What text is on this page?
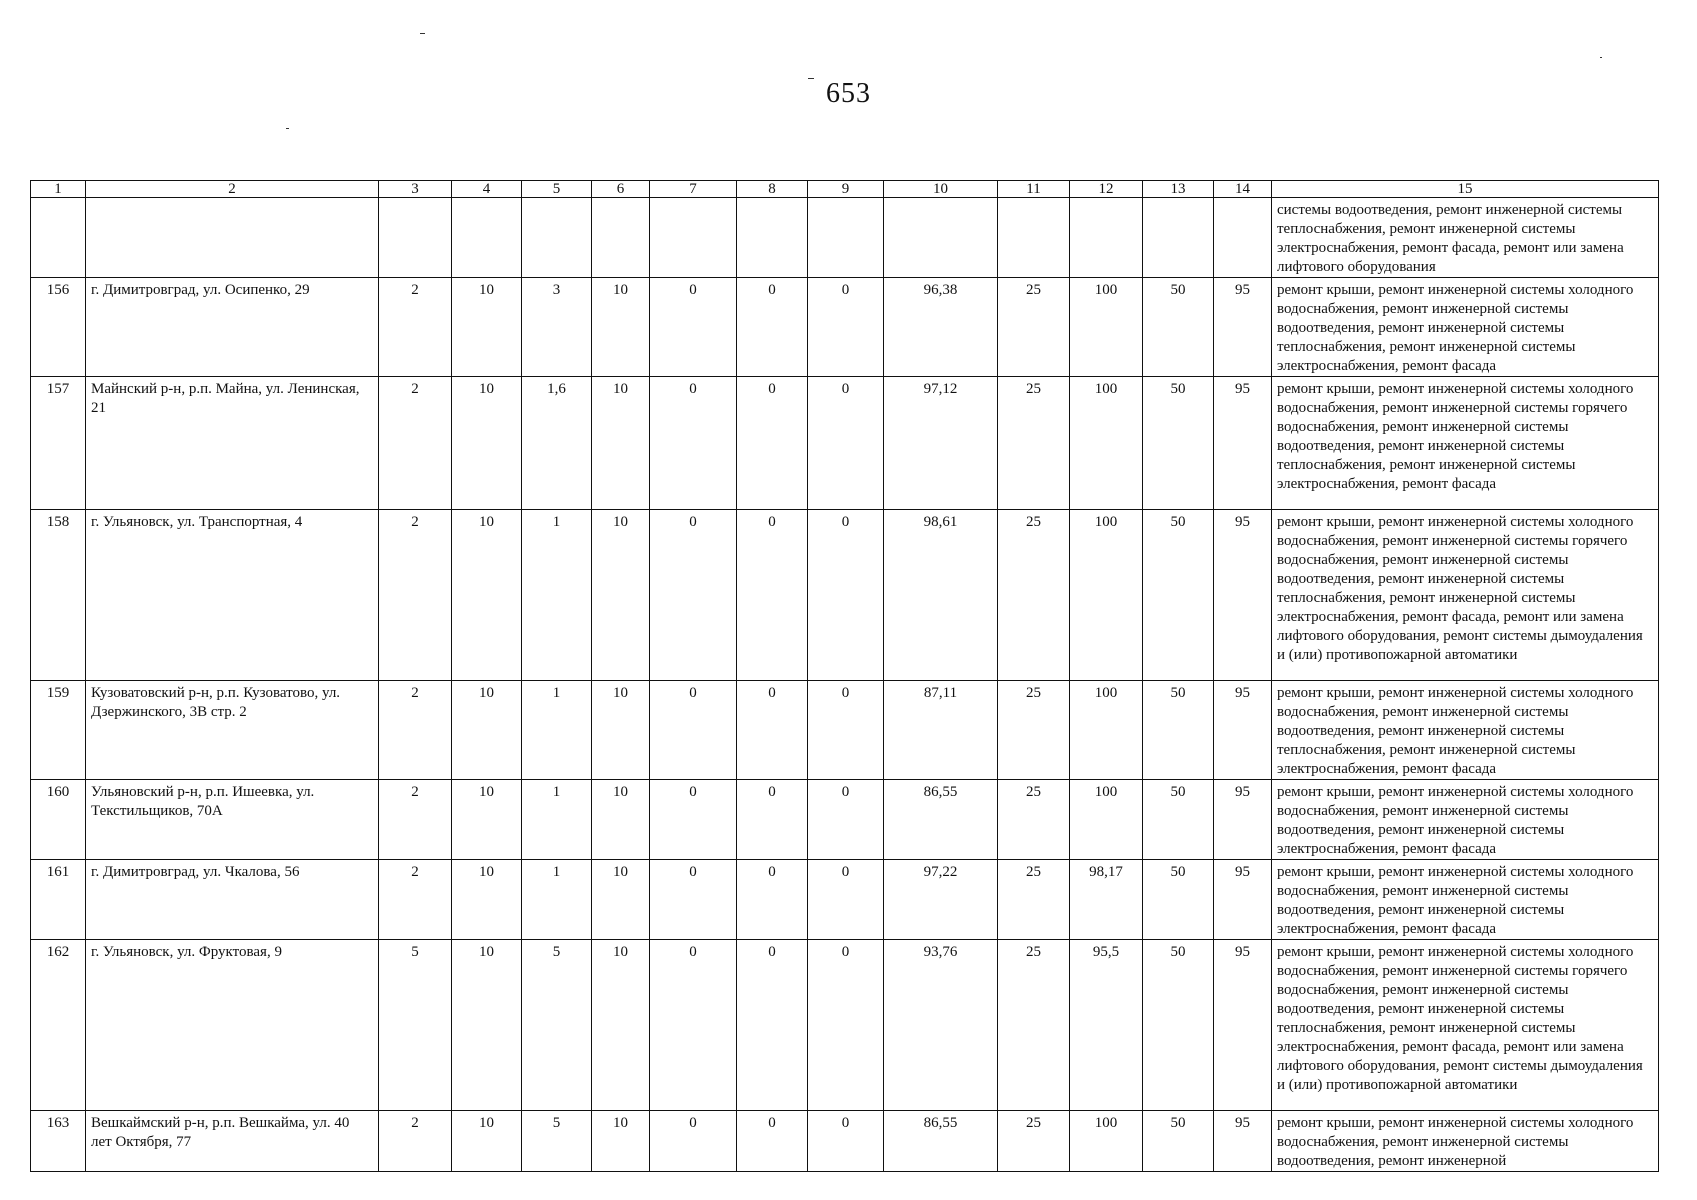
653
1	2	3	4	5	6	7	8	9	10	11	12	13	14	15
														системы водоотведения, ремонт инженерной системы теплоснабжения, ремонт инженерной системы электроснабжения, ремонт фасада, ремонт или замена лифтового оборудования
156	г. Димитровград, ул. Осипенко, 29	2	10	3	10	0	0	0	96,38	25	100	50	95	ремонт крыши, ремонт инженерной системы холодного водоснабжения, ремонт инженерной системы водоотведения, ремонт инженерной системы теплоснабжения, ремонт инженерной системы электроснабжения, ремонт фасада
157	Майнский р-н, р.п. Майна, ул. Ленинская, 21	2	10	1,6	10	0	0	0	97,12	25	100	50	95	ремонт крыши, ремонт инженерной системы холодного водоснабжения, ремонт инженерной системы горячего водоснабжения, ремонт инженерной системы водоотведения, ремонт инженерной системы теплоснабжения, ремонт инженерной системы электроснабжения, ремонт фасада
158	г. Ульяновск, ул. Транспортная, 4	2	10	1	10	0	0	0	98,61	25	100	50	95	ремонт крыши, ремонт инженерной системы холодного водоснабжения, ремонт инженерной системы горячего водоснабжения, ремонт инженерной системы водоотведения, ремонт инженерной системы теплоснабжения, ремонт инженерной системы электроснабжения, ремонт фасада, ремонт или замена лифтового оборудования, ремонт системы дымоудаления и (или) противопожарной автоматики
159	Кузоватовский р-н, р.п. Кузоватово, ул. Дзержинского, 3В стр. 2	2	10	1	10	0	0	0	87,11	25	100	50	95	ремонт крыши, ремонт инженерной системы холодного водоснабжения, ремонт инженерной системы водоотведения, ремонт инженерной системы теплоснабжения, ремонт инженерной системы электроснабжения, ремонт фасада
160	Ульяновский р-н, р.п. Ишеевка, ул. Текстильщиков, 70А	2	10	1	10	0	0	0	86,55	25	100	50	95	ремонт крыши, ремонт инженерной системы холодного водоснабжения, ремонт инженерной системы водоотведения, ремонт инженерной системы электроснабжения, ремонт фасада
161	г. Димитровград, ул. Чкалова, 56	2	10	1	10	0	0	0	97,22	25	98,17	50	95	ремонт крыши, ремонт инженерной системы холодного водоснабжения, ремонт инженерной системы водоотведения, ремонт инженерной системы электроснабжения, ремонт фасада
162	г. Ульяновск, ул. Фруктовая, 9	5	10	5	10	0	0	0	93,76	25	95,5	50	95	ремонт крыши, ремонт инженерной системы холодного водоснабжения, ремонт инженерной системы горячего водоснабжения, ремонт инженерной системы водоотведения, ремонт инженерной системы теплоснабжения, ремонт инженерной системы электроснабжения, ремонт фасада, ремонт или замена лифтового оборудования, ремонт системы дымоудаления и (или) противопожарной автоматики
163	Вешкаймский р-н, р.п. Вешкайма, ул. 40 лет Октября, 77	2	10	5	10	0	0	0	86,55	25	100	50	95	ремонт крыши, ремонт инженерной системы холодного водоснабжения, ремонт инженерной системы водоотведения, ремонт инженерной
